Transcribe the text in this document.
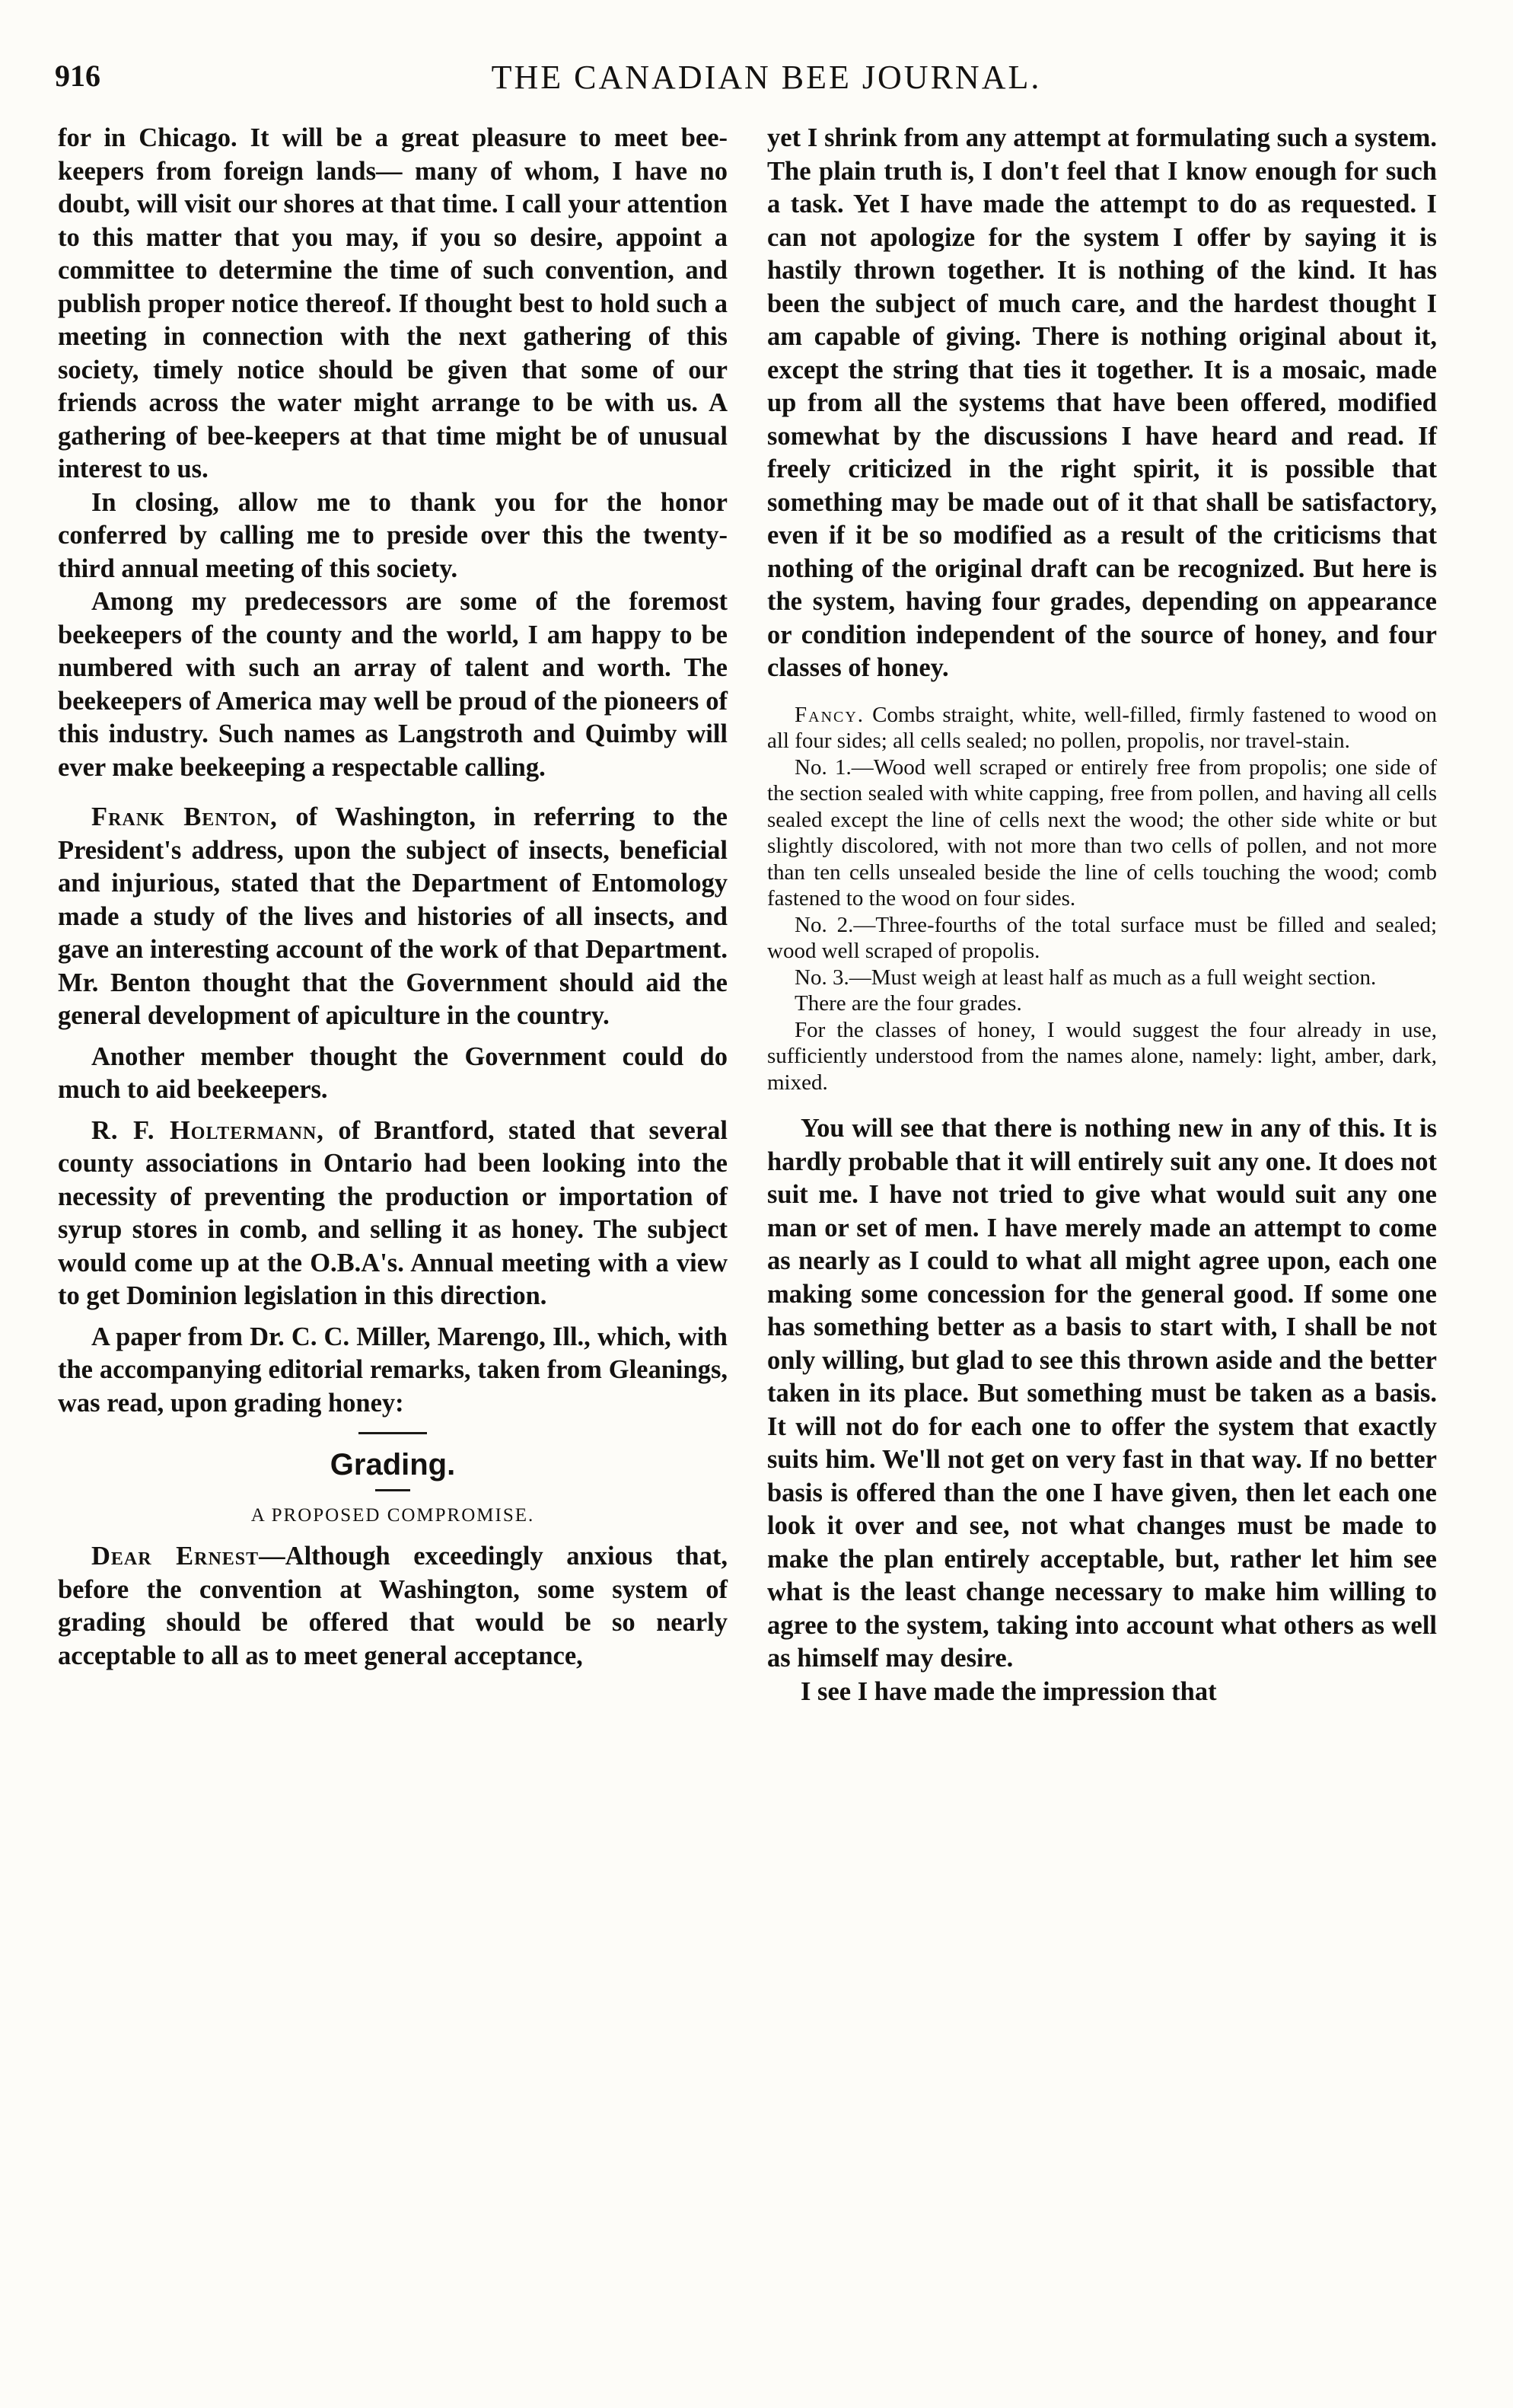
916	THE CANADIAN BEE JOURNAL.

for in Chicago. It will be a great pleasure to meet bee-keepers from foreign lands— many of whom, I have no doubt, will visit our shores at that time. I call your attention to this matter that you may, if you so desire, appoint a committee to determine the time of such convention, and publish proper notice thereof. If thought best to hold such a meeting in connection with the next gathering of this society, timely notice should be given that some of our friends across the water might arrange to be with us. A gathering of bee-keepers at that time might be of unusual interest to us.

In closing, allow me to thank you for the honor conferred by calling me to preside over this the twenty-third annual meeting of this society.

Among my predecessors are some of the foremost beekeepers of the county and the world, I am happy to be numbered with such an array of talent and worth. The beekeepers of America may well be proud of the pioneers of this industry. Such names as Langstroth and Quimby will ever make beekeeping a respectable calling.

Frank Benton, of Washington, in referring to the President's address, upon the subject of insects, beneficial and injurious, stated that the Department of Entomology made a study of the lives and histories of all insects, and gave an interesting account of the work of that Department. Mr. Benton thought that the Government should aid the general development of apiculture in the country.

Another member thought the Government could do much to aid beekeepers.

R. F. Holtermann, of Brantford, stated that several county associations in Ontario had been looking into the necessity of preventing the production or importation of syrup stores in comb, and selling it as honey. The subject would come up at the O.B.A's. Annual meeting with a view to get Dominion legislation in this direction.

A paper from Dr. C. C. Miller, Marengo, Ill., which, with the accompanying editorial remarks, taken from Gleanings, was read, upon grading honey:

Grading.
A PROPOSED COMPROMISE.

Dear Ernest—Although exceedingly anxious that, before the convention at Washington, some system of grading should be offered that would be so nearly acceptable to all as to meet general acceptance,

yet I shrink from any attempt at formulating such a system. The plain truth is, I don't feel that I know enough for such a task. Yet I have made the attempt to do as requested. I can not apologize for the system I offer by saying it is hastily thrown together. It is nothing of the kind. It has been the subject of much care, and the hardest thought I am capable of giving. There is nothing original about it, except the string that ties it together. It is a mosaic, made up from all the systems that have been offered, modified somewhat by the discussions I have heard and read. If freely criticized in the right spirit, it is possible that something may be made out of it that shall be satisfactory, even if it be so modified as a result of the criticisms that nothing of the original draft can be recognized. But here is the system, having four grades, depending on appearance or condition independent of the source of honey, and four classes of honey.

Fancy. Combs straight, white, well-filled, firmly fastened to wood on all four sides; all cells sealed; no pollen, propolis, nor travel-stain.

No. 1.—Wood well scraped or entirely free from propolis; one side of the section sealed with white capping, free from pollen, and having all cells sealed except the line of cells next the wood; the other side white or but slightly discolored, with not more than two cells of pollen, and not more than ten cells unsealed beside the line of cells touching the wood; comb fastened to the wood on four sides.

No. 2.—Three-fourths of the total surface must be filled and sealed; wood well scraped of propolis.

No. 3.—Must weigh at least half as much as a full weight section.

There are the four grades.

For the classes of honey, I would suggest the four already in use, sufficiently understood from the names alone, namely: light, amber, dark, mixed.

You will see that there is nothing new in any of this. It is hardly probable that it will entirely suit any one. It does not suit me. I have not tried to give what would suit any one man or set of men. I have merely made an attempt to come as nearly as I could to what all might agree upon, each one making some concession for the general good. If some one has something better as a basis to start with, I shall be not only willing, but glad to see this thrown aside and the better taken in its place. But something must be taken as a basis. It will not do for each one to offer the system that exactly suits him. We'll not get on very fast in that way. If no better basis is offered than the one I have given, then let each one look it over and see, not what changes must be made to make the plan entirely acceptable, but, rather let him see what is the least change necessary to make him willing to agree to the system, taking into account what others as well as himself may desire.

I see I have made the impression that
